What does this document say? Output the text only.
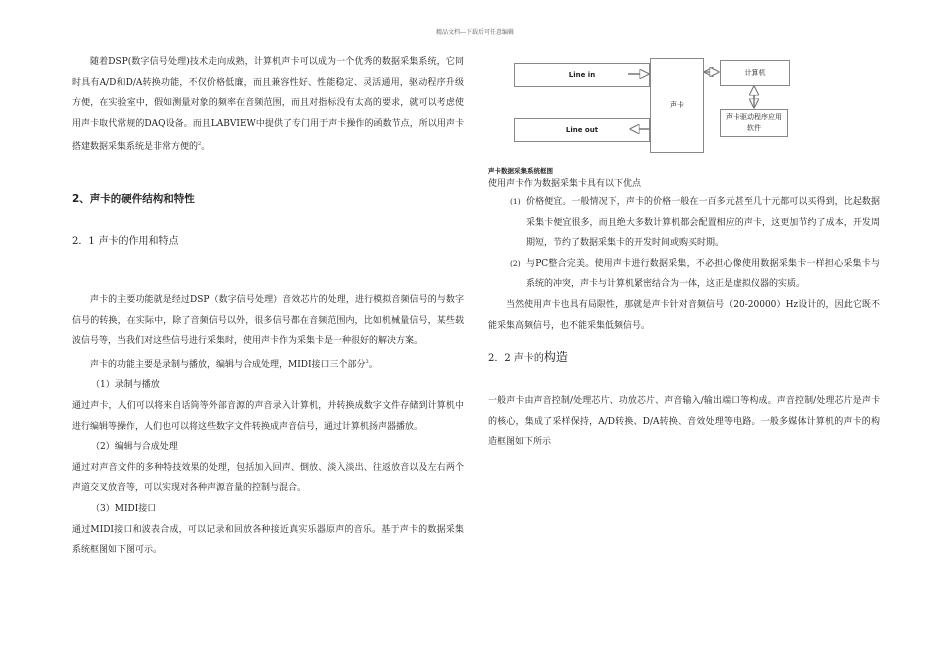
精品文档---下载后可任意编辑

随着DSP(数字信号处理)技术走向成熟，计算机声卡可以成为一个优秀的数据采集系统，它同时具有A/D和D/A转换功能，不仅价格低廉，而且兼容性好、性能稳定、灵活通用，驱动程序升级方便，在实验室中，假如测量对象的频率在音频范围，而且对指标没有太高的要求，就可以考虑使用声卡取代常规的DAQ设备。而且LABVIEW中提供了专门用于声卡操作的函数节点，所以用声卡搭建数据采集系统是非常方便的$^2$。

2、声卡的硬件结构和特性
2．1 声卡的作用和特点

声卡的主要功能就是经过DSP（数字信号处理）音效芯片的处理，进行模拟音频信号的与数字信号的转换，在实际中，除了音频信号以外，很多信号都在音频范围内，比如机械量信号，某些载波信号等，当我们对这些信号进行采集时，使用声卡作为采集卡是一种很好的解决方案。

声卡的功能主要是录制与播放，编辑与合成处理，MIDI接口三个部分$^3$。

（1）录制与播放

通过声卡，人们可以将来自话筒等外部音源的声音录入计算机，并转换成数字文件存储到计算机中进行编辑等操作，人们也可以将这些数字文件转换成声音信号，通过计算机扬声器播放。

（2）编辑与合成处理

通过对声音文件的多种特技效果的处理，包括加入回声、倒放、淡入淡出、往返放音以及左右两个声道交叉放音等，可以实现对各种声源音量的控制与混合。

（3）MIDI接口

通过MIDI接口和波表合成，可以记录和回放各种接近真实乐器原声的音乐。基于声卡的数据采集系统框图如下图可示。

Line in
Line out
声卡
计算机
声卡驱动程序应用软件
声卡数据采集系统框图

使用声卡作为数据采集卡具有以下优点

(1) 价格便宜。一般情况下，声卡的价格一般在一百多元甚至几十元都可以买得到，比起数据采集卡便宜很多，而且绝大多数计算机都会配置相应的声卡，这更加节约了成本，开发周期短，节约了数据采集卡的开发时间或购买时期。
(2) 与PC整合完美。使用声卡进行数据采集，不必担心像使用数据采集卡一样担心采集卡与系统的冲突，声卡与计算机紧密结合为一体，这正是虚拟仪器的实质。

当然使用声卡也具有局限性，那就是声卡针对音频信号（20-20000）Hz设计的，因此它既不能采集高频信号，也不能采集低频信号。

2．2 声卡的构造

一般声卡由声音控制/处理芯片、功放芯片、声音输入/输出端口等构成。声音控制/处理芯片是声卡的核心，集成了采样保持，A/D转换、D/A转换、音效处理等电路。一般多媒体计算机的声卡的构造框图如下所示
